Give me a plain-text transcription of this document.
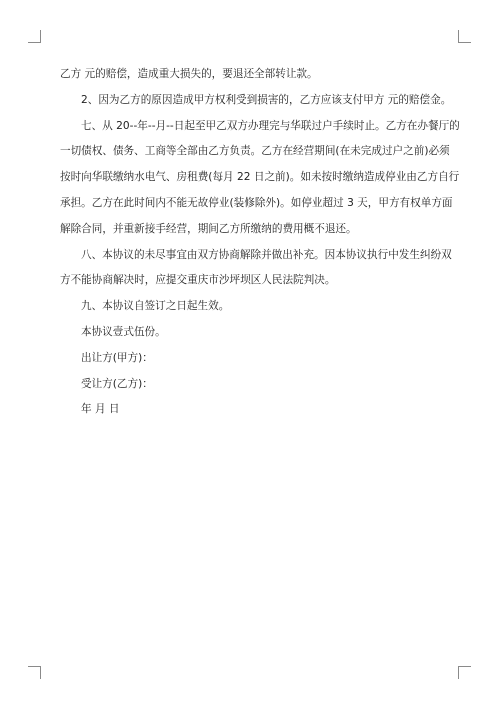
乙方 元的赔偿，造成重大损失的，要退还全部转让款。
2、因为乙方的原因造成甲方权利受到损害的，乙方应该支付甲方 元的赔偿金。
七、从 20--年--月--日起至甲乙双方办理完与华联过户手续时止。乙方在办餐厅的
一切债权、债务、工商等全部由乙方负责。乙方在经营期间(在未完成过户之前)必须
按时向华联缴纳水电气、房租费(每月 22 日之前)。如未按时缴纳造成停业由乙方自行
承担。乙方在此时间内不能无故停业(装修除外)。如停业超过 3 天，甲方有权单方面
解除合同，并重新接手经营，期间乙方所缴纳的费用概不退还。
八、本协议的未尽事宜由双方协商解除并做出补充。因本协议执行中发生纠纷双
方不能协商解决时，应提交重庆市沙坪坝区人民法院判决。
九、本协议自签订之日起生效。
本协议壹式伍份。
出让方(甲方)：
受让方(乙方)：
年 月 日
